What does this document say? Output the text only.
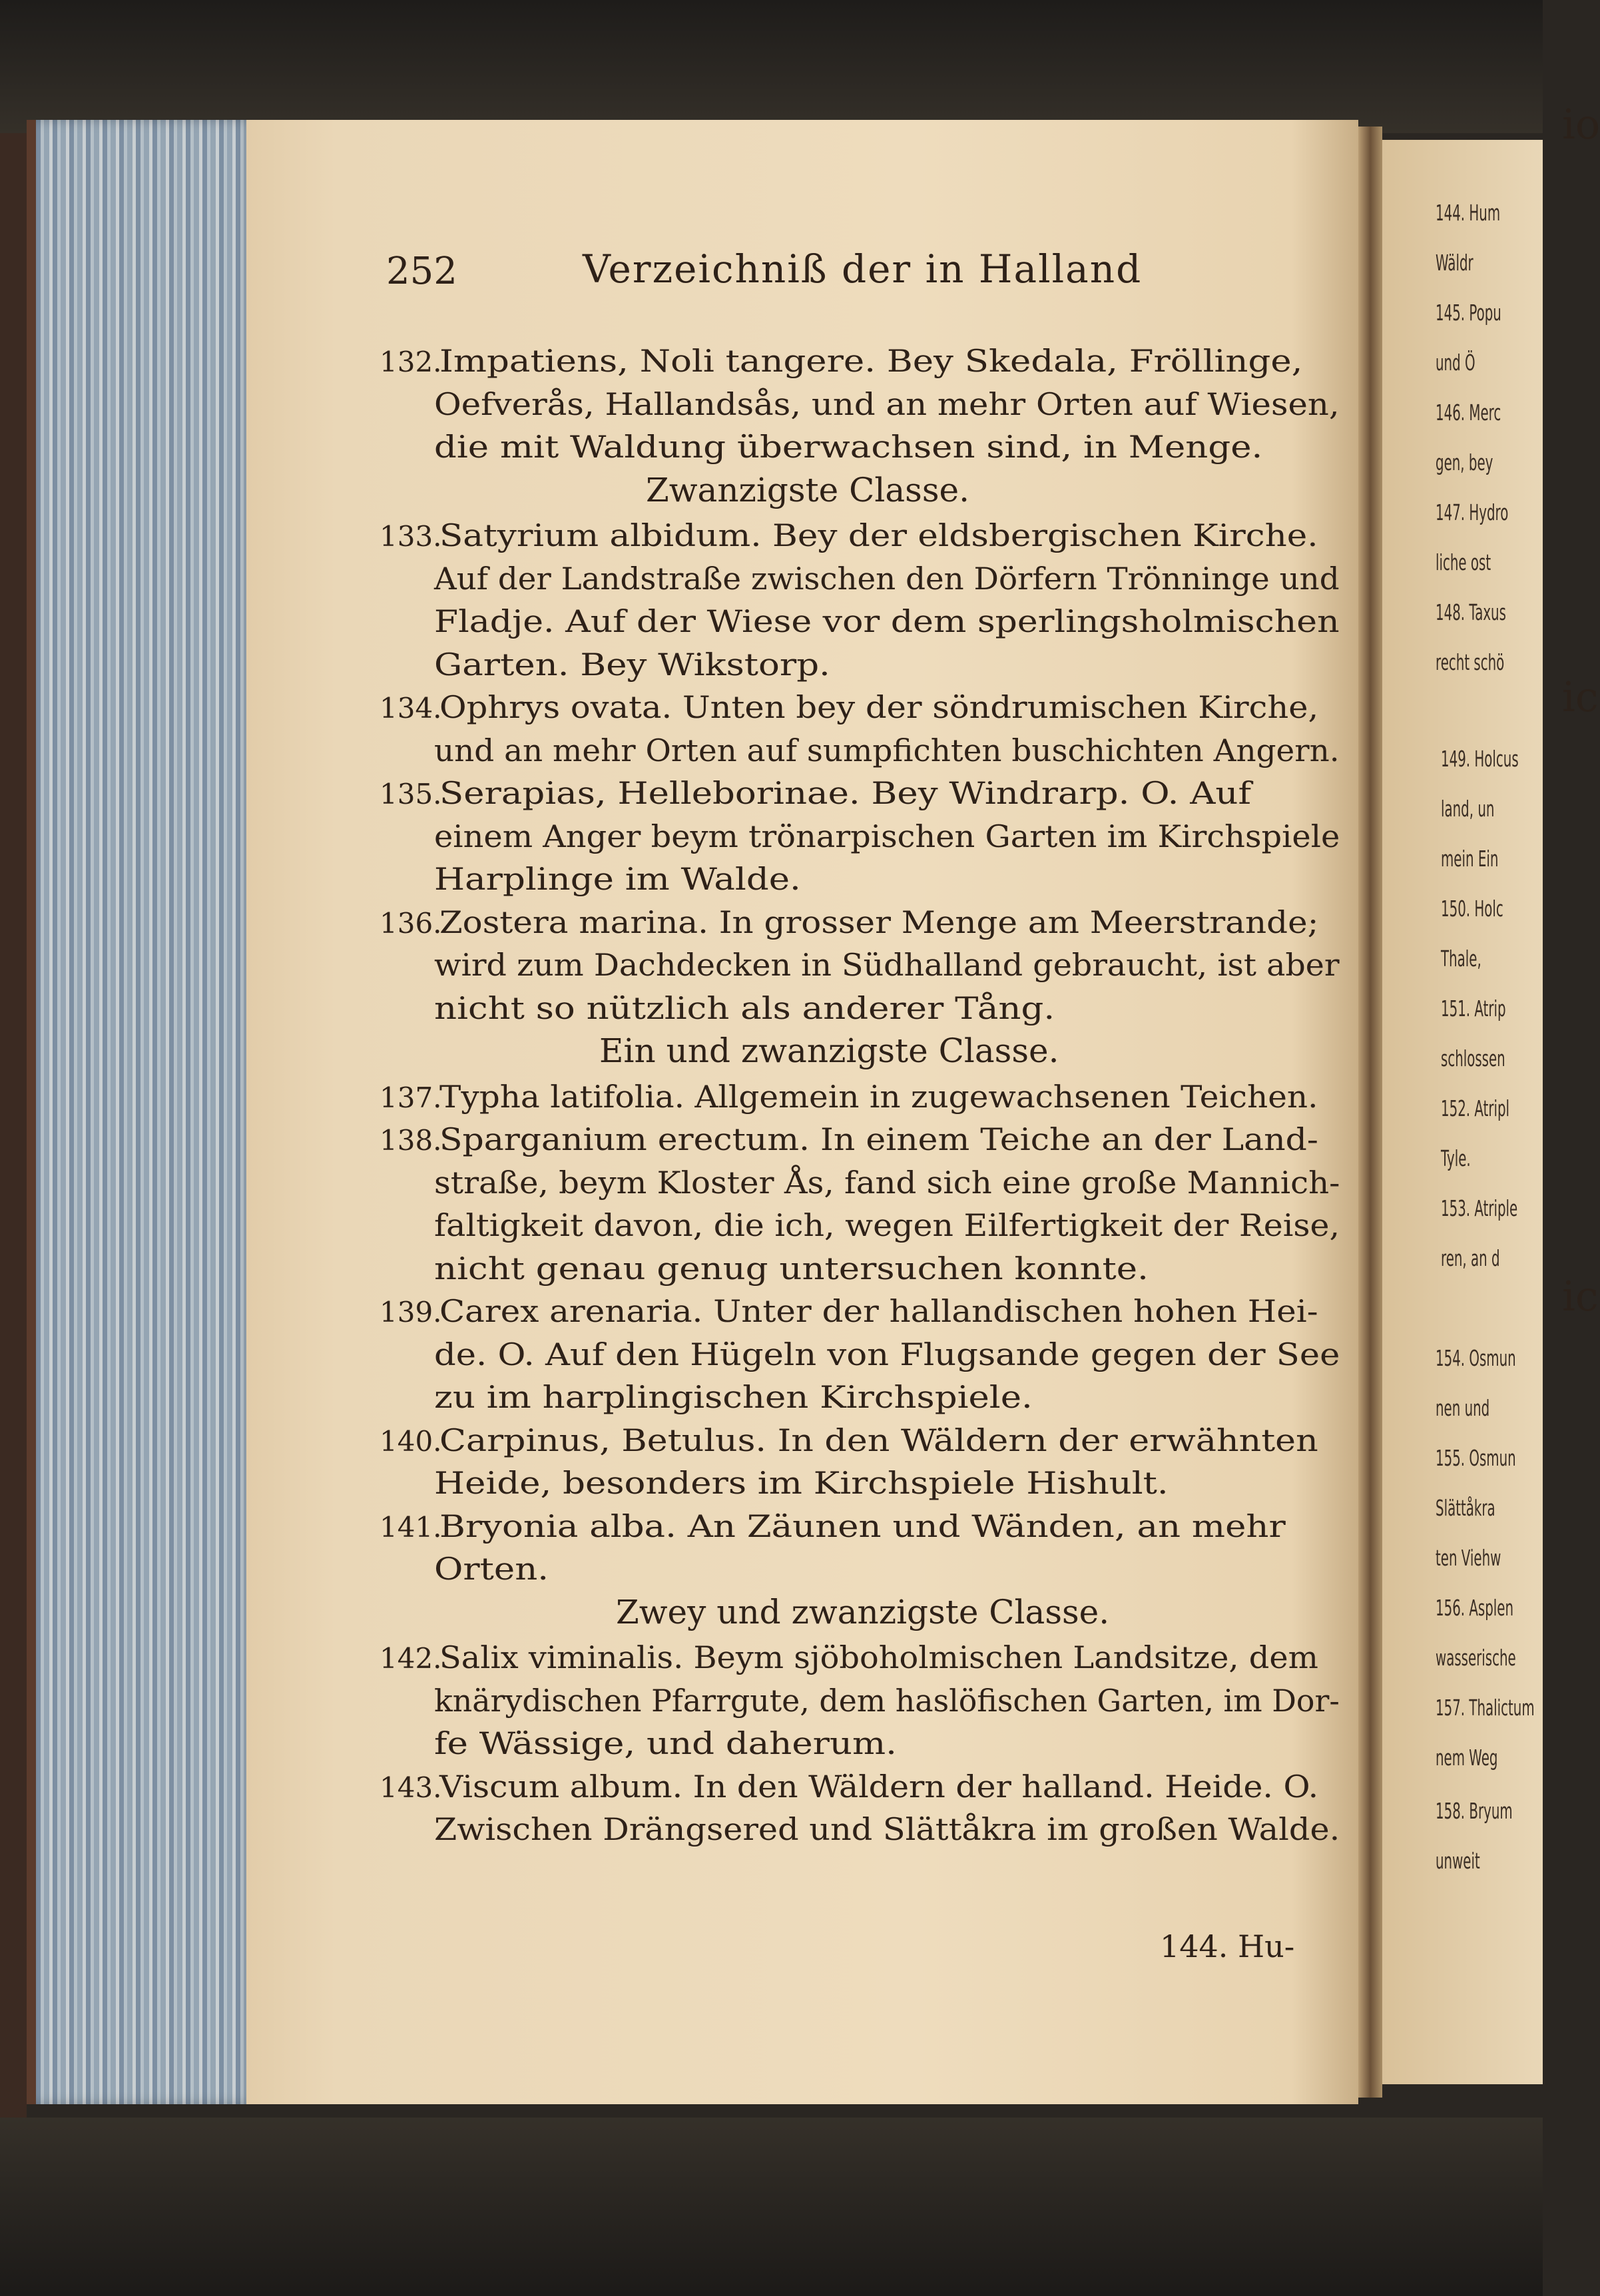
252	Verzeichniß der in Halland
132.
Impatiens, Noli tangere. Bey Skedala, Fröllinge,
Oefverås, Hallandsås, und an mehr Orten auf Wiesen,
die mit Waldung überwachsen sind, in Menge.
Zwanzigste Classe.
133.
Satyrium albidum. Bey der eldsbergischen Kirche.
Auf der Landstraße zwischen den Dörfern Trönninge und
Fladje. Auf der Wiese vor dem sperlingsholmischen
Garten. Bey Wikstorp.
134.
Ophrys ovata. Unten bey der söndrumischen Kirche,
und an mehr Orten auf sumpfichten buschichten Angern.
135.
Serapias, Helleborinae. Bey Windrarp. O. Auf
einem Anger beym trönarpischen Garten im Kirchspiele
Harplinge im Walde.
136.
Zostera marina. In grosser Menge am Meerstrande;
wird zum Dachdecken in Südhalland gebraucht, ist aber
nicht so nützlich als anderer Tång.
Ein und zwanzigste Classe.
137.
Typha latifolia. Allgemein in zugewachsenen Teichen.
138.
Sparganium erectum. In einem Teiche an der Land-
straße, beym Kloster Ås, fand sich eine große Mannich-
faltigkeit davon, die ich, wegen Eilfertigkeit der Reise,
nicht genau genug untersuchen konnte.
139.
Carex arenaria. Unter der hallandischen hohen Hei-
de. O. Auf den Hügeln von Flugsande gegen der See
zu im harplingischen Kirchspiele.
140.
Carpinus, Betulus. In den Wäldern der erwähnten
Heide, besonders im Kirchspiele Hishult.
141.
Bryonia alba. An Zäunen und Wänden, an mehr
Orten.
Zwey und zwanzigste Classe.
142.
Salix viminalis. Beym sjöboholmischen Landsitze, dem
knärydischen Pfarrgute, dem haslöfischen Garten, im Dor-
fe Wässige, und daherum.
143.
Viscum album. In den Wäldern der halland. Heide. O.
Zwischen Drängsered und Slättåkra im großen Walde.
144. Hu-
144. Hum
Wäldr
145. Popu
und Ö
146. Merc
gen, bey
147. Hydro
liche ost
148. Taxus
recht schö
149. Holcus
land, un
mein Ein
150. Holc
Thale,
151. Atrip
schlossen
152. Atripl
Tyle.
153. Atriple
ren, an d
154. Osmun
nen und
155. Osmun
Slättåkra
ten Viehw
156. Asplen
wasserische
157. Thalictum
nem Weg
158. Bryum
unweit
io
ic
ic
